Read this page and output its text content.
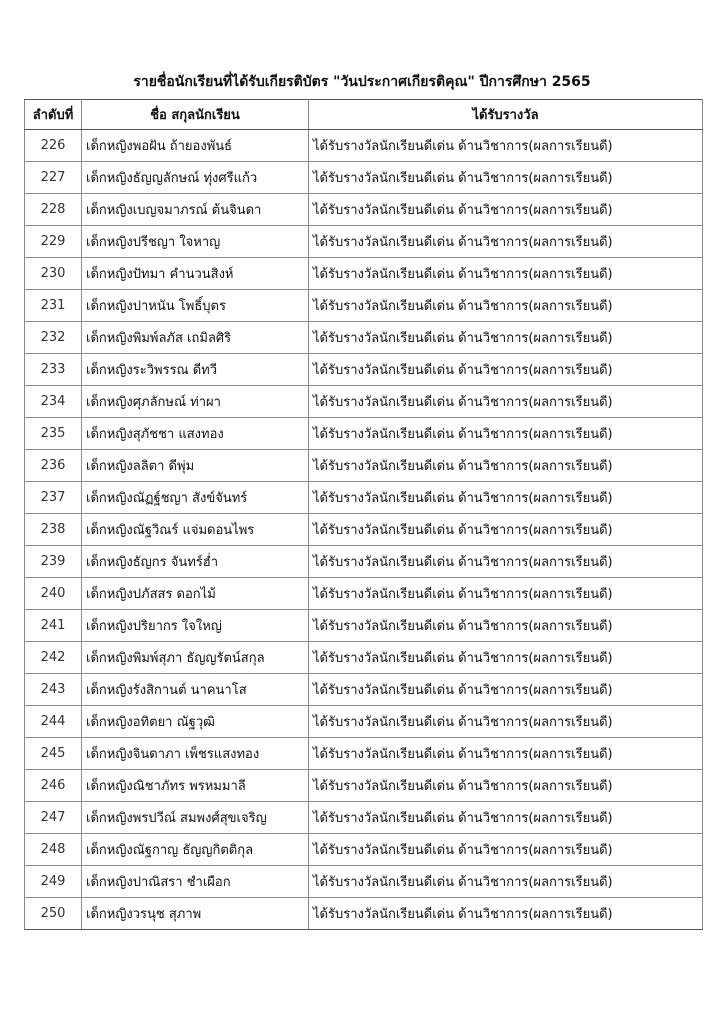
รายชื่อนักเรียนที่ได้รับเกียรติบัตร "วันประกาศเกียรติคุณ" ปีการศึกษา 2565
ลำดับที่	ชื่อ สกุลนักเรียน	ได้รับรางวัล
226	เด็กหญิงพอฝัน ถ้ายองพันธ์	ได้รับรางวัลนักเรียนดีเด่น ด้านวิชาการ(ผลการเรียนดี)
227	เด็กหญิงธัญญลักษณ์ ทุ่งศรีแก้ว	ได้รับรางวัลนักเรียนดีเด่น ด้านวิชาการ(ผลการเรียนดี)
228	เด็กหญิงเบญจมาภรณ์ ต้นจินดา	ได้รับรางวัลนักเรียนดีเด่น ด้านวิชาการ(ผลการเรียนดี)
229	เด็กหญิงปรีชญา ใจหาญ	ได้รับรางวัลนักเรียนดีเด่น ด้านวิชาการ(ผลการเรียนดี)
230	เด็กหญิงปัทมา คำนวนสิงห์	ได้รับรางวัลนักเรียนดีเด่น ด้านวิชาการ(ผลการเรียนดี)
231	เด็กหญิงปาหนัน โพธิ์บุตร	ได้รับรางวัลนักเรียนดีเด่น ด้านวิชาการ(ผลการเรียนดี)
232	เด็กหญิงพิมพ์ลภัส เถมิลศิริ	ได้รับรางวัลนักเรียนดีเด่น ด้านวิชาการ(ผลการเรียนดี)
233	เด็กหญิงระวิพรรณ ดีทวี	ได้รับรางวัลนักเรียนดีเด่น ด้านวิชาการ(ผลการเรียนดี)
234	เด็กหญิงศุภลักษณ์ ท่าผา	ได้รับรางวัลนักเรียนดีเด่น ด้านวิชาการ(ผลการเรียนดี)
235	เด็กหญิงสุภัชชา แสงทอง	ได้รับรางวัลนักเรียนดีเด่น ด้านวิชาการ(ผลการเรียนดี)
236	เด็กหญิงลลิตา ดีพุ่ม	ได้รับรางวัลนักเรียนดีเด่น ด้านวิชาการ(ผลการเรียนดี)
237	เด็กหญิงณัฏฐ์ชญา สังข์จันทร์	ได้รับรางวัลนักเรียนดีเด่น ด้านวิชาการ(ผลการเรียนดี)
238	เด็กหญิงณัฐวิณร์ แจ่มดอนไพร	ได้รับรางวัลนักเรียนดีเด่น ด้านวิชาการ(ผลการเรียนดี)
239	เด็กหญิงธัญกร จันทร์ฮ่ำ	ได้รับรางวัลนักเรียนดีเด่น ด้านวิชาการ(ผลการเรียนดี)
240	เด็กหญิงปภัสสร ดอกไม้	ได้รับรางวัลนักเรียนดีเด่น ด้านวิชาการ(ผลการเรียนดี)
241	เด็กหญิงปริยากร ใจใหญ่	ได้รับรางวัลนักเรียนดีเด่น ด้านวิชาการ(ผลการเรียนดี)
242	เด็กหญิงพิมพ์สุภา ธัญญรัตน์สกุล	ได้รับรางวัลนักเรียนดีเด่น ด้านวิชาการ(ผลการเรียนดี)
243	เด็กหญิงรังสิกานต์ นาคนาโส	ได้รับรางวัลนักเรียนดีเด่น ด้านวิชาการ(ผลการเรียนดี)
244	เด็กหญิงอทิตยา ณัฐวุฒิ	ได้รับรางวัลนักเรียนดีเด่น ด้านวิชาการ(ผลการเรียนดี)
245	เด็กหญิงจินดาภา เพ็ชรแสงทอง	ได้รับรางวัลนักเรียนดีเด่น ด้านวิชาการ(ผลการเรียนดี)
246	เด็กหญิงณิชาภัทร พรหมมาลี	ได้รับรางวัลนักเรียนดีเด่น ด้านวิชาการ(ผลการเรียนดี)
247	เด็กหญิงพรปวีณ์ สมพงศ์สุขเจริญ	ได้รับรางวัลนักเรียนดีเด่น ด้านวิชาการ(ผลการเรียนดี)
248	เด็กหญิงณัฐกาญ ธัญญกิตติกุล	ได้รับรางวัลนักเรียนดีเด่น ด้านวิชาการ(ผลการเรียนดี)
249	เด็กหญิงปาณิสรา ชำเผือก	ได้รับรางวัลนักเรียนดีเด่น ด้านวิชาการ(ผลการเรียนดี)
250	เด็กหญิงวรนุช สุภาพ	ได้รับรางวัลนักเรียนดีเด่น ด้านวิชาการ(ผลการเรียนดี)
